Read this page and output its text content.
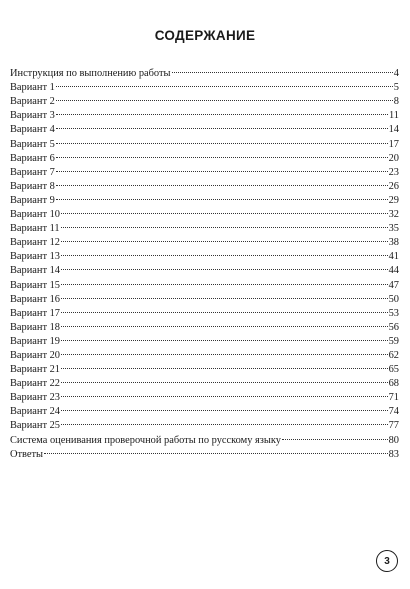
СОДЕРЖАНИЕ
Инструкция по выполнению работы	4
Вариант 1	5
Вариант 2	8
Вариант 3	11
Вариант 4	14
Вариант 5	17
Вариант 6	20
Вариант 7	23
Вариант 8	26
Вариант 9	29
Вариант 10	32
Вариант 11	35
Вариант 12	38
Вариант 13	41
Вариант 14	44
Вариант 15	47
Вариант 16	50
Вариант 17	53
Вариант 18	56
Вариант 19	59
Вариант 20	62
Вариант 21	65
Вариант 22	68
Вариант 23	71
Вариант 24	74
Вариант 25	77
Система оценивания проверочной работы по русскому языку	80
Ответы	83
3
